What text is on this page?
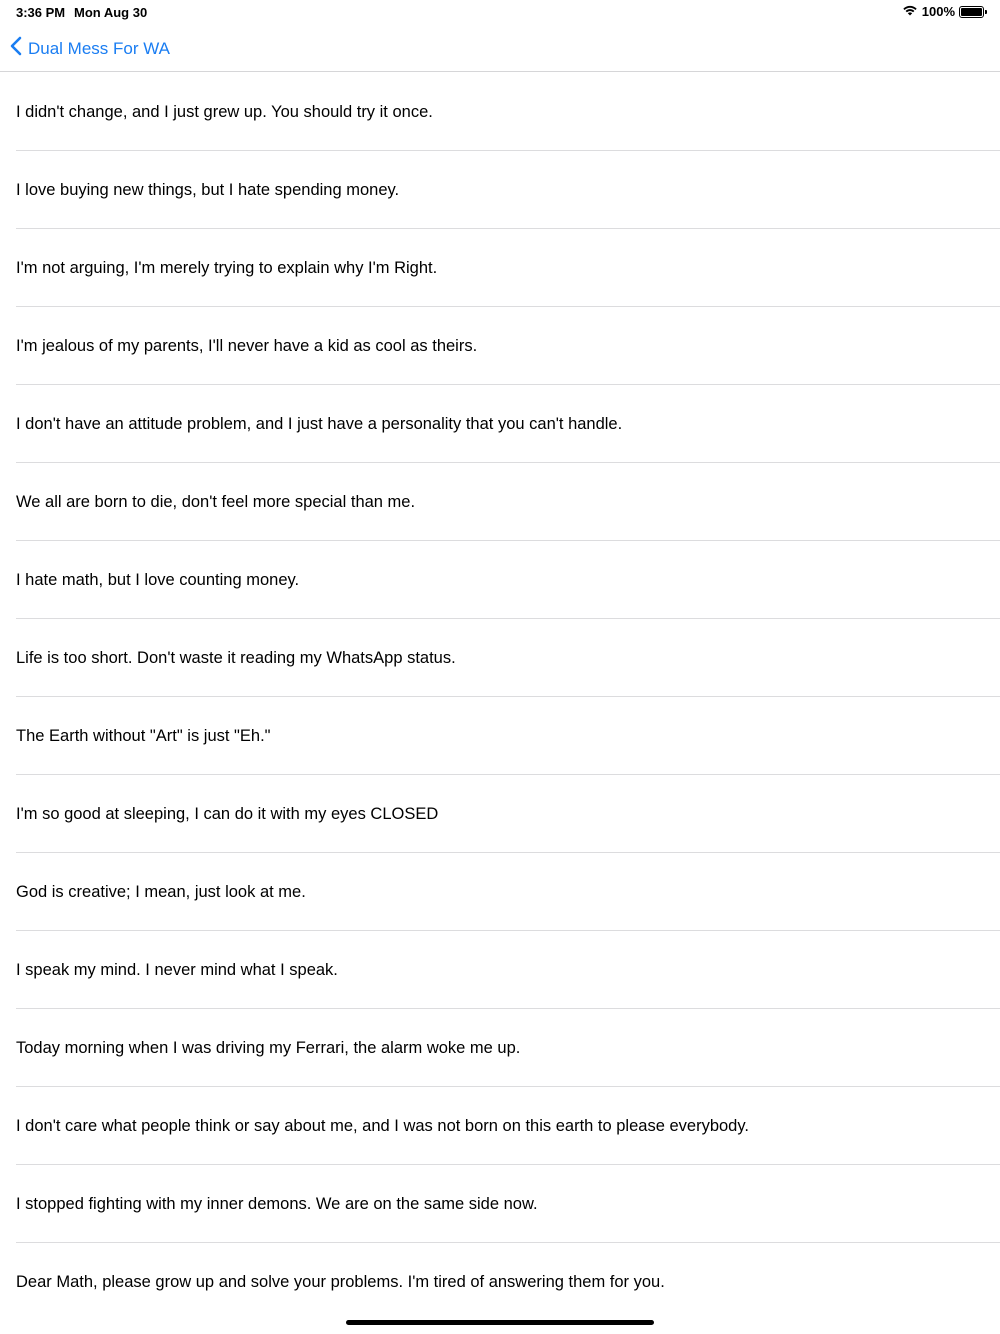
3:36 PM Mon Aug 30	100%
Dual Mess For WA
I didn't change, and I just grew up. You should try it once.
I love buying new things, but I hate spending money.
I'm not arguing, I'm merely trying to explain why I'm Right.
I'm jealous of my parents, I'll never have a kid as cool as theirs.
I don't have an attitude problem, and I just have a personality that you can't handle.
We all are born to die, don't feel more special than me.
I hate math, but I love counting money.
Life is too short. Don't waste it reading my WhatsApp status.
The Earth without "Art" is just "Eh."
I'm so good at sleeping, I can do it with my eyes CLOSED
God is creative; I mean, just look at me.
I speak my mind. I never mind what I speak.
Today morning when I was driving my Ferrari, the alarm woke me up.
I don't care what people think or say about me, and I was not born on this earth to please everybody.
I stopped fighting with my inner demons. We are on the same side now.
Dear Math, please grow up and solve your problems. I'm tired of answering them for you.
